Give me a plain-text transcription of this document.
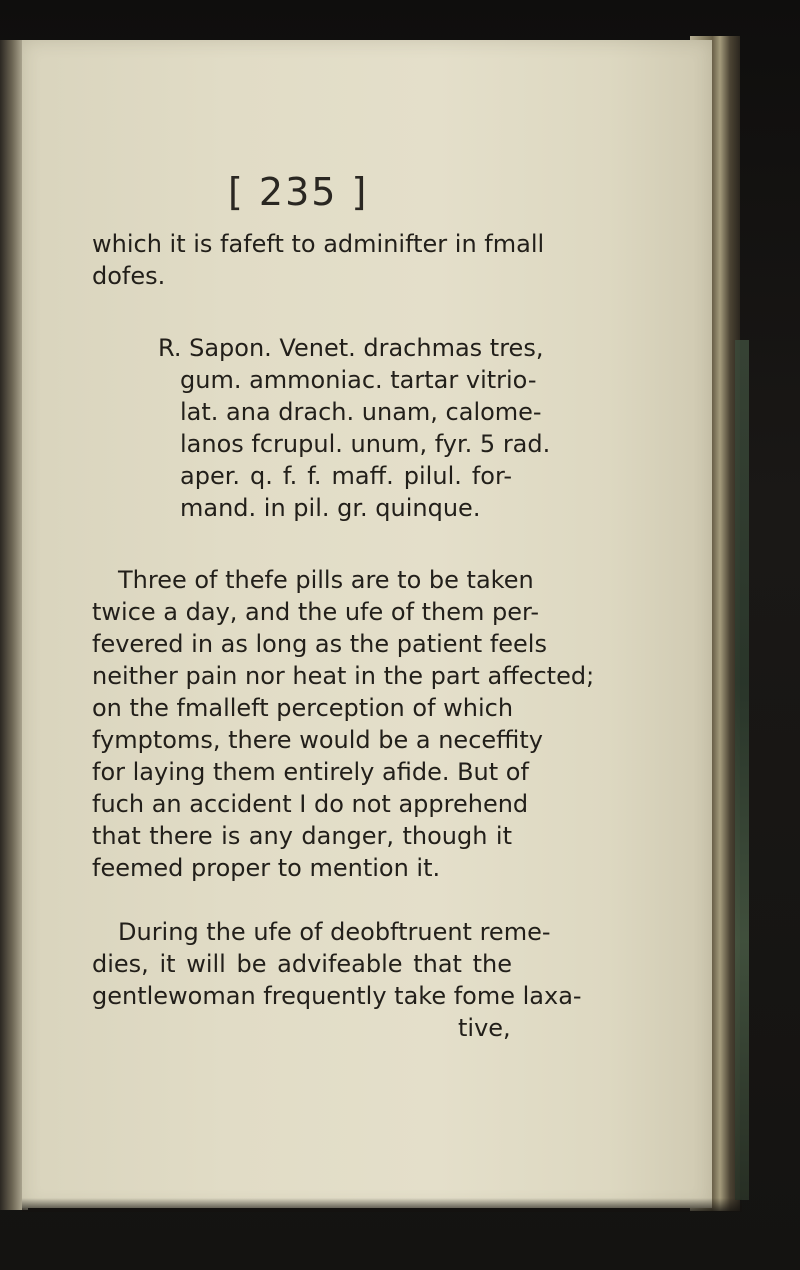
[ 235 ]
which it is fafeft to adminifter in fmall
dofes.
R. Sapon. Venet. drachmas tres,
gum. ammoniac. tartar vitrio-
lat. ana drach. unam, calome-
lanos fcrupul. unum, fyr. 5 rad.
aper. q. f. f. maff. pilul. for-
mand. in pil. gr. quinque.
Three of thefe pills are to be taken
twice a day, and the ufe of them per-
fevered in as long as the patient feels
neither pain nor heat in the part affected;
on the fmalleft perception of which
fymptoms, there would be a neceffity
for laying them entirely afide. But of
fuch an accident I do not apprehend
that there is any danger, though it
feemed proper to mention it.
During the ufe of deobftruent reme-
dies, it will be advifeable that the
gentlewoman frequently take fome laxa-
tive,
